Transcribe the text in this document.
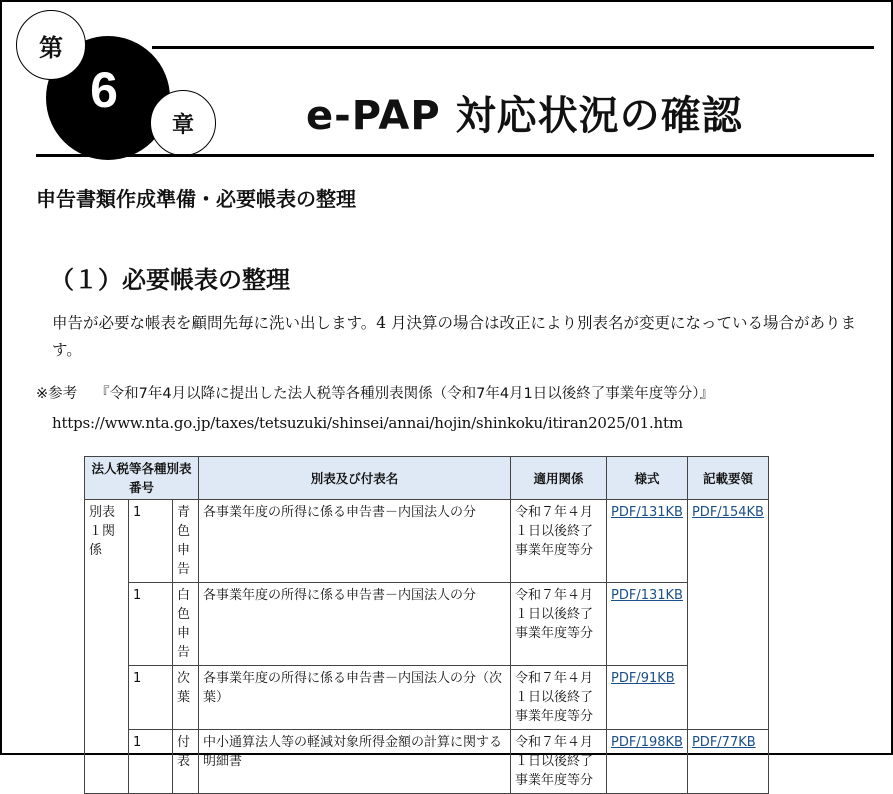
6
第
章	e-PAP 対応状況の確認
申告書類作成準備・必要帳表の整理
（１）必要帳表の整理
申告が必要な帳表を顧問先毎に洗い出します。4 月決算の場合は改正により別表名が変更になっている場合があります。
※参考 『令和7年4月以降に提出した法人税等各種別表関係（令和7年4月1日以後終了事業年度等分）』
https://www.nta.go.jp/taxes/tetsuzuki/shinsei/annai/hojin/shinkoku/itiran2025/01.htm
法人税等各種別表番号			別表及び付表名	適用関係	様式	記載要領
別表１関係	1	青色申告	各事業年度の所得に係る申告書－内国法人の分	令和７年４月１日以後終了事業年度等分	PDF/131KB	PDF/154KB
	1	白色申告	各事業年度の所得に係る申告書－内国法人の分	令和７年４月１日以後終了事業年度等分	PDF/131KB	
	1	次葉	各事業年度の所得に係る申告書－内国法人の分（次葉）	令和７年４月１日以後終了事業年度等分	PDF/91KB	
	1	付表	中小通算法人等の軽減対象所得金額の計算に関する明細書	令和７年４月１日以後終了事業年度等分	PDF/198KB	PDF/77KB
